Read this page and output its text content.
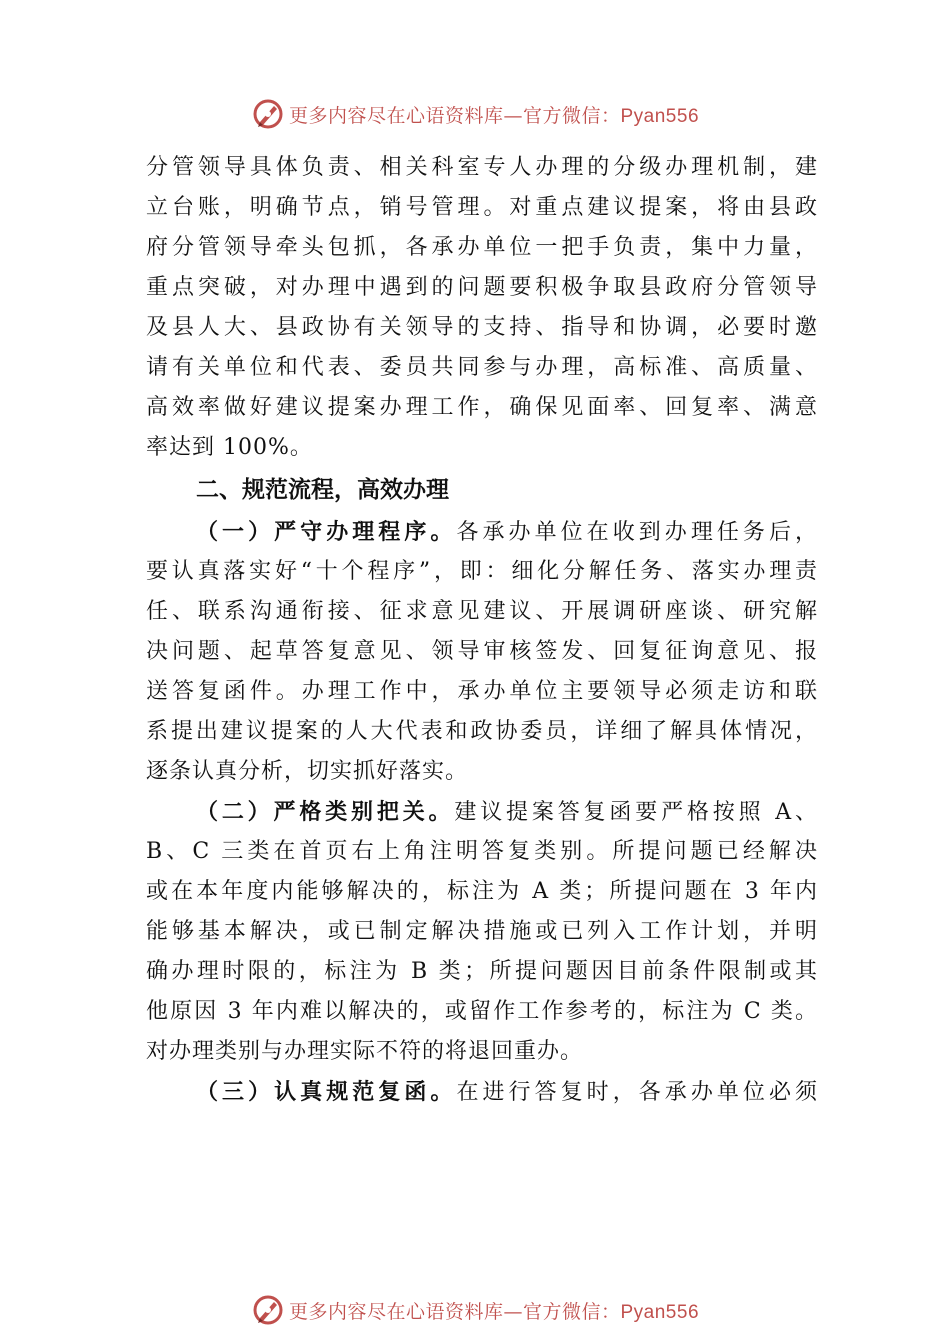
更多内容尽在心语资料库—官方微信：Pyan556
分管领导具体负责、相关科室专人办理的分级办理机制，建
立台账，明确节点，销号管理。对重点建议提案，将由县政
府分管领导牵头包抓，各承办单位一把手负责，集中力量，
重点突破，对办理中遇到的问题要积极争取县政府分管领导
及县人大、县政协有关领导的支持、指导和协调，必要时邀
请有关单位和代表、委员共同参与办理，高标准、高质量、
高效率做好建议提案办理工作，确保见面率、回复率、满意
率达到 100%。
二、规范流程，高效办理
（一）严守办理程序。各承办单位在收到办理任务后，
要认真落实好“十个程序”，即：细化分解任务、落实办理责
任、联系沟通衔接、征求意见建议、开展调研座谈、研究解
决问题、起草答复意见、领导审核签发、回复征询意见、报
送答复函件。办理工作中，承办单位主要领导必须走访和联
系提出建议提案的人大代表和政协委员，详细了解具体情况，
逐条认真分析，切实抓好落实。
（二）严格类别把关。建议提案答复函要严格按照 A、
B、C 三类在首页右上角注明答复类别。所提问题已经解决
或在本年度内能够解决的，标注为 A 类；所提问题在 3 年内
能够基本解决，或已制定解决措施或已列入工作计划，并明
确办理时限的，标注为 B 类；所提问题因目前条件限制或其
他原因 3 年内难以解决的，或留作工作参考的，标注为 C 类。
对办理类别与办理实际不符的将退回重办。
（三）认真规范复函。在进行答复时，各承办单位必须
更多内容尽在心语资料库—官方微信：Pyan556
